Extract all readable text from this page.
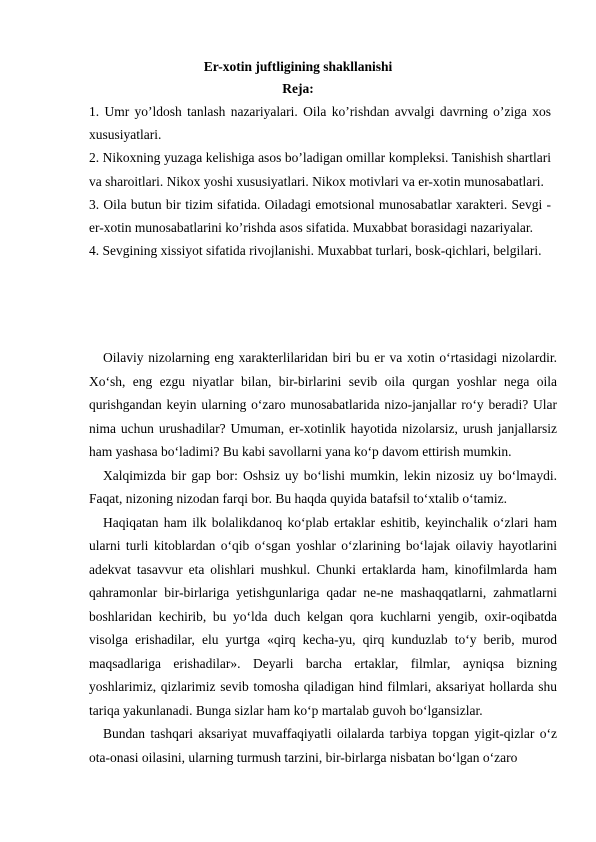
Er-xotin juftligining shakllanishi
Reja:

1. Umr yo’ldosh tanlash nazariyalari. Oila ko’rishdan avvalgi davrning o’ziga xos xususiyatlari.

2. Nikoxning yuzaga kelishiga asos bo’ladigan omillar kompleksi. Tanishish shartlari va sharoitlari. Nikox yoshi xususiyatlari. Nikox motivlari va er-xotin munosabatlari.

3. Oila butun bir tizim sifatida. Oiladagi emotsional munosabatlar xarakteri. Sevgi - er-xotin munosabatlarini ko’rishda asos sifatida. Muxabbat borasidagi nazariyalar.

4. Sevgining xissiyot sifatida rivojlanishi. Muxabbat turlari, bosk-qichlari, belgilari.

Oilaviy nizolarning eng xarakterlilaridan biri bu er va xotin oʻrtasidagi nizolardir. Xoʻsh, eng ezgu niyatlar bilan, bir-birlarini sevib oila qurgan yoshlar nega oila qurishgandan keyin ularning oʻzaro munosabatlarida nizo-janjallar roʻy beradi? Ular nima uchun urushadilar? Umuman, er-xotinlik hayotida nizolarsiz, urush janjallarsiz ham yashasa boʻladimi? Bu kabi savollarni yana koʻp davom ettirish mumkin.

Xalqimizda bir gap bor: Oshsiz uy boʻlishi mumkin, lekin nizosiz uy boʻlmaydi. Faqat, nizoning nizodan farqi bor. Bu haqda quyida batafsil toʻxtalib oʻtamiz.

Haqiqatan ham ilk bolalikdanoq koʻplab ertaklar eshitib, keyinchalik oʻzlari ham ularni turli kitoblardan oʻqib oʻsgan yoshlar oʻzlarining boʻlajak oilaviy hayotlarini adekvat tasavvur eta olishlari mushkul. Chunki ertaklarda ham, kinofilmlarda ham qahramonlar bir-birlariga yetishgunlariga qadar ne-ne mashaqqatlarni, zahmatlarni boshlaridan kechirib, bu yoʻlda duch kelgan qora kuchlarni yengib, oxir-oqibatda visolga erishadilar, elu yurtga «qirq kecha-yu, qirq kunduzlab toʻy berib, murod maqsadlariga erishadilar». Deyarli barcha ertaklar, filmlar, ayniqsa bizning yoshlarimiz, qizlarimiz sevib tomosha qiladigan hind filmlari, aksariyat hollarda shu tariqa yakunlanadi. Bunga sizlar ham koʻp martalab guvoh boʻlgansizlar.

Bundan tashqari aksariyat muvaffaqiyatli oilalarda tarbiya topgan yigit-qizlar oʻz ota-onasi oilasini, ularning turmush tarzini, bir-birlarga nisbatan boʻlgan oʻzaro
